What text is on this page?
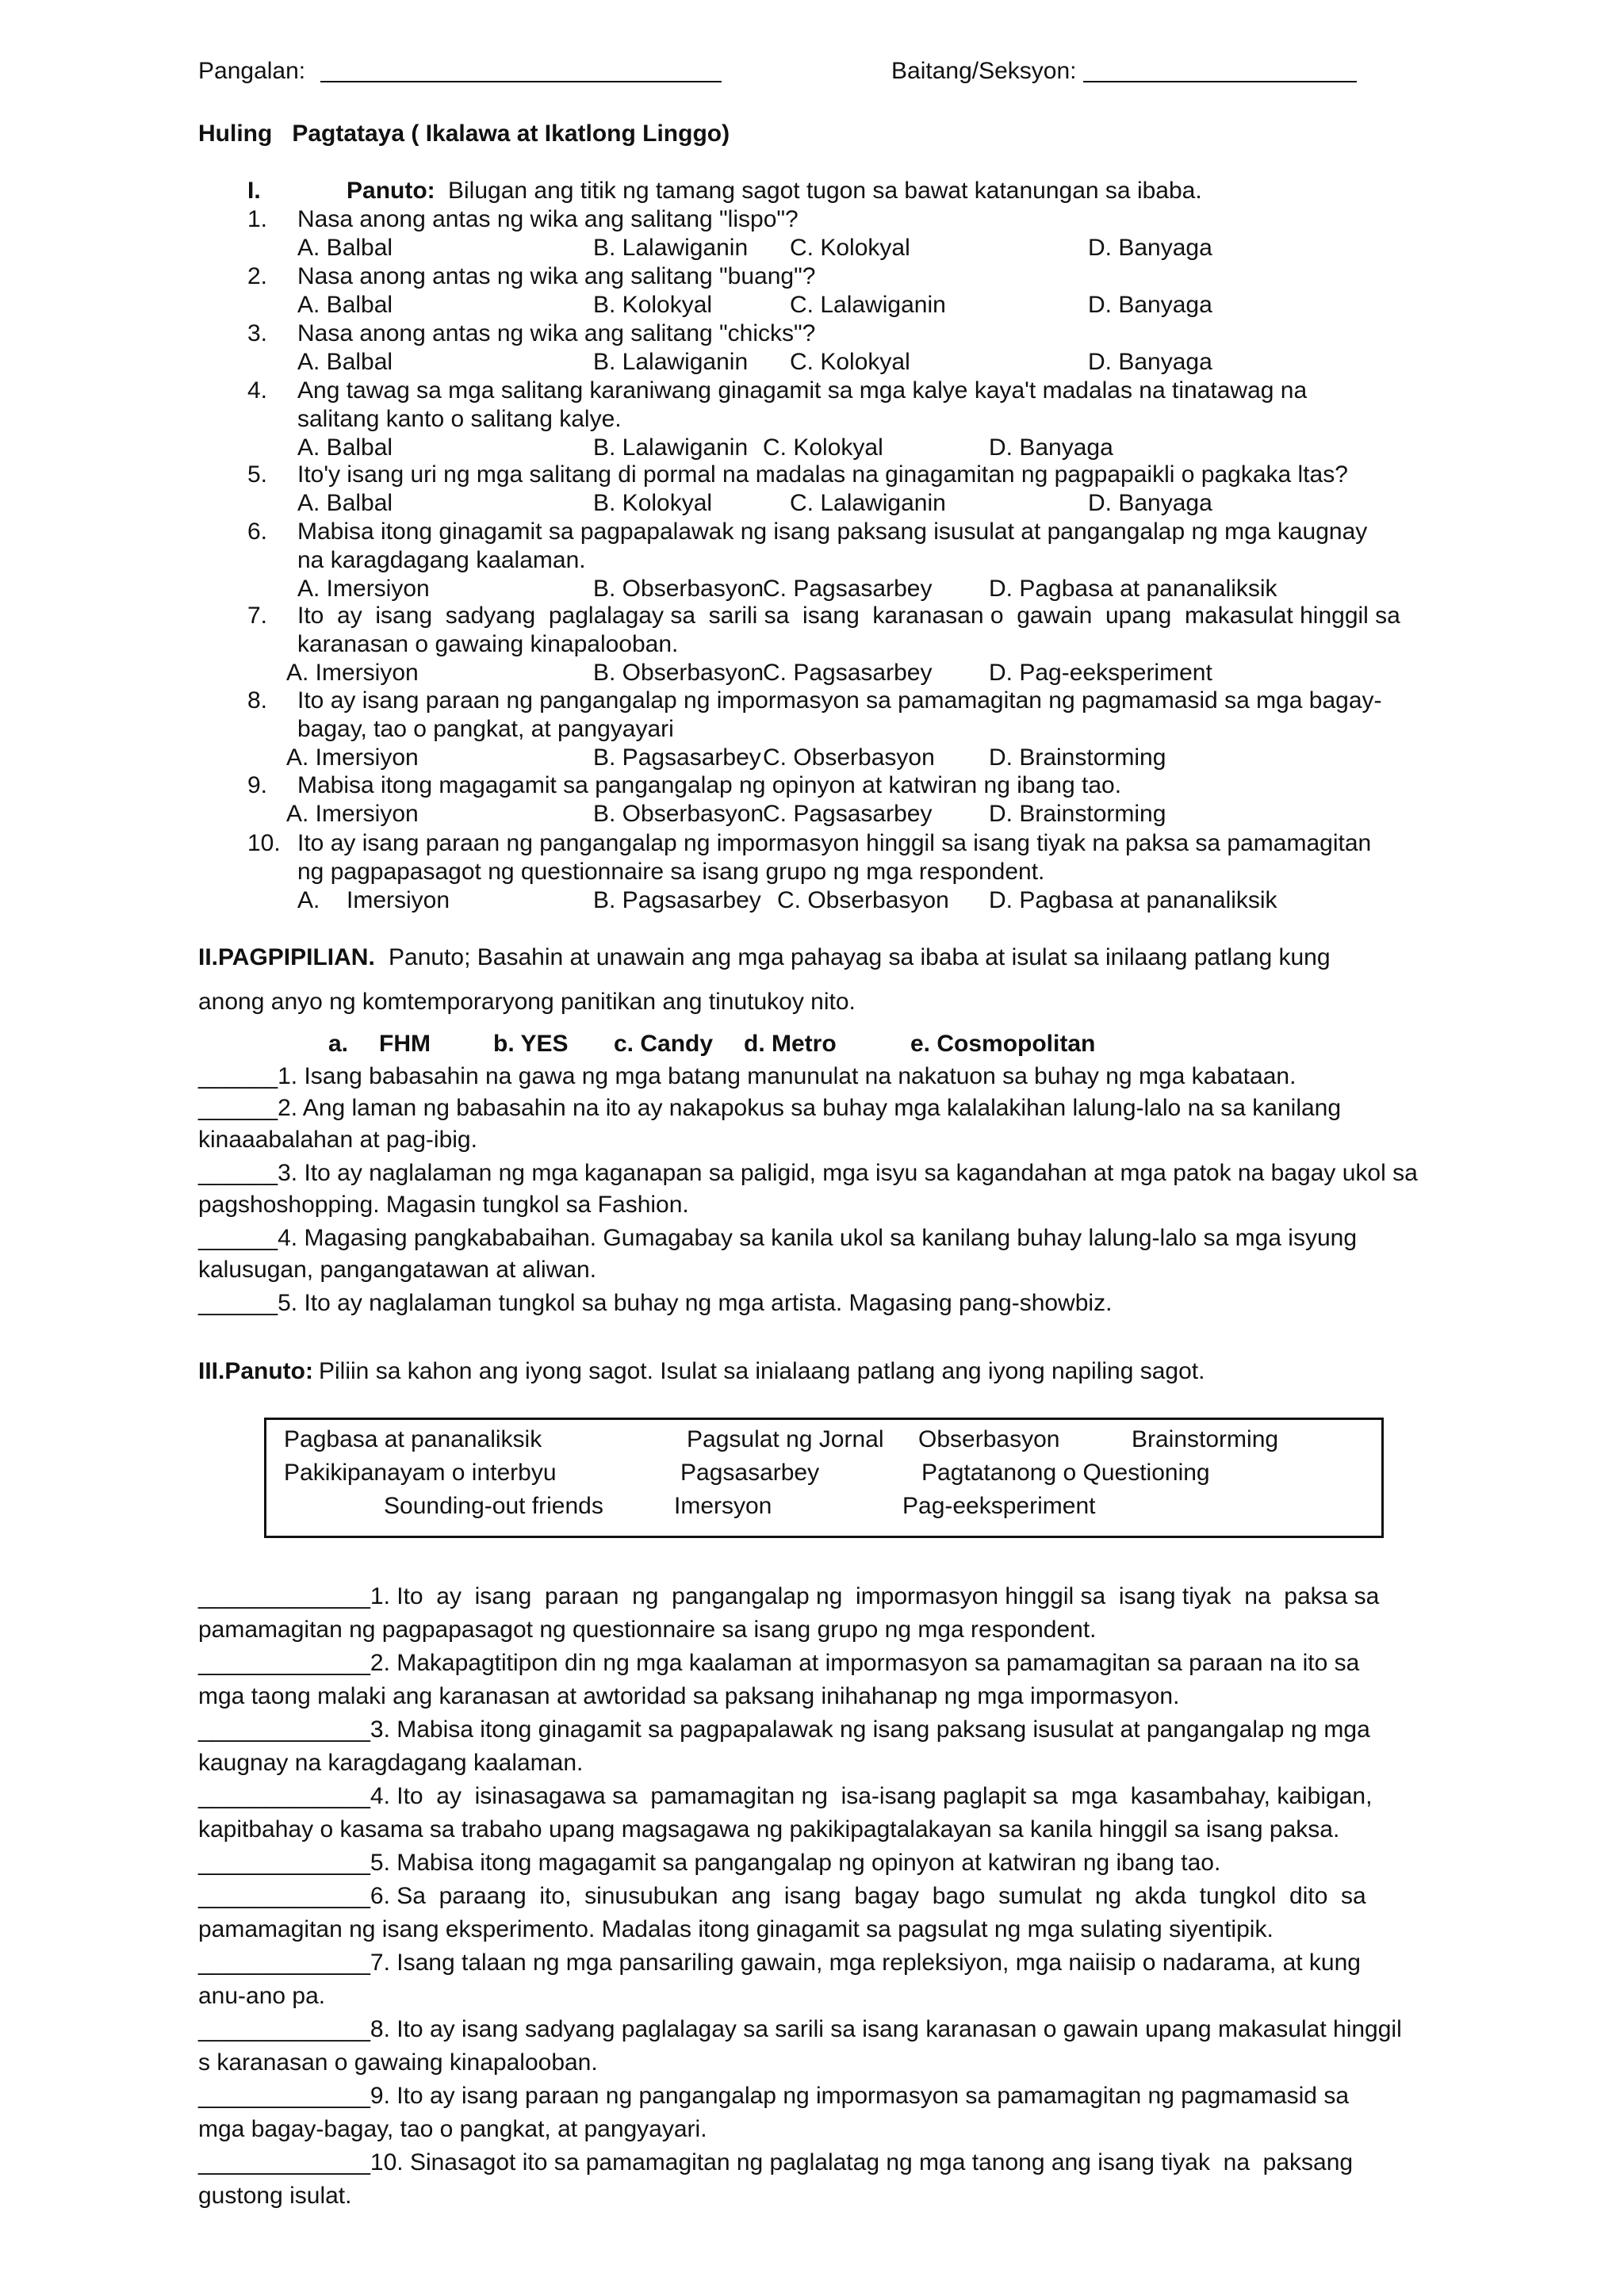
Pangalan:	Baitang/Seksyon:
Huling   Pagtataya ( Ikalawa at Ikatlong Linggo)
I.	Panuto: Bilugan ang titik ng tamang sagot tugon sa bawat katanungan sa ibaba.
1. Nasa anong antas ng wika ang salitang "lispo"?
A. Balbal	B. Lalawiganin C. Kolokyal	D. Banyaga
2. Nasa anong antas ng wika ang salitang "buang"?
A. Balbal	B. Kolokyal	C. Lalawiganin	D. Banyaga
3. Nasa anong antas ng wika ang salitang "chicks"?
A. Balbal	B. Lalawiganin C. Kolokyal	D. Banyaga
4. Ang tawag sa mga salitang karaniwang ginagamit sa mga kalye kaya't madalas na tinatawag na
salitang kanto o salitang kalye.
A. Balbal	B. Lalawiganin C. Kolokyal	D. Banyaga
5. Ito'y isang uri ng mga salitang di pormal na madalas na ginagamitan ng pagpapaikli o pagkaka ltas?
A. Balbal	B. Kolokyal	C. Lalawiganin	D. Banyaga
6. Mabisa itong ginagamit sa pagpapalawak ng isang paksang isusulat at pangangalap ng mga kaugnay
na karagdagang kaalaman.
A. Imersiyon	B. Obserbasyon
C. Pagsasarbey D. Pagbasa at pananaliksik
7. Ito  ay  isang  sadyang  paglalagay sa  sarili sa  isang  karanasan o  gawain  upang  makasulat hinggil sa
karanasan o gawaing kinapalooban.
A. Imersiyon	B. Obserbasyon
C. Pagsasarbey D. Pag-eeksperiment
8. Ito ay isang paraan ng pangangalap ng impormasyon sa pamamagitan ng pagmamasid sa mga bagay-
bagay, tao o pangkat, at pangyayari
A. Imersiyon	B. Pagsasarbey C. Obserbasyon D. Brainstorming
9. Mabisa itong magagamit sa pangangalap ng opinyon at katwiran ng ibang tao.
A. Imersiyon	B. Obserbasyon
C. Pagsasarbey D. Brainstorming
10. Ito ay isang paraan ng pangangalap ng impormasyon hinggil sa isang tiyak na paksa sa pamamagitan
ng pagpapasagot ng questionnaire sa isang grupo ng mga respondent.
A. Imersiyon	B. Pagsasarbey C. Obserbasyon D. Pagbasa at pananaliksik
II.PAGPIPILIAN. Panuto; Basahin at unawain ang mga pahayag sa ibaba at isulat sa inilaang patlang kung
anong anyo ng komtemporaryong panitikan ang tinutukoy nito.
a. FHM	b. YES c. Candy d. Metro	e. Cosmopolitan
______1. Isang babasahin na gawa ng mga batang manunulat na nakatuon sa buhay ng mga kabataan.
______2. Ang laman ng babasahin na ito ay nakapokus sa buhay mga kalalakihan lalung-lalo na sa kanilang
kinaaabalahan at pag-ibig.
______3. Ito ay naglalaman ng mga kaganapan sa paligid, mga isyu sa kagandahan at mga patok na bagay ukol sa
pagshoshopping. Magasin tungkol sa Fashion.
______4. Magasing pangkababaihan. Gumagabay sa kanila ukol sa kanilang buhay lalung-lalo sa mga isyung
kalusugan, pangangatawan at aliwan.
______5. Ito ay naglalaman tungkol sa buhay ng mga artista. Magasing pang-showbiz.
III.Panuto: Piliin sa kahon ang iyong sagot. Isulat sa inialaang patlang ang iyong napiling sagot.
Pagbasa at pananaliksik	Pagsulat ng Jornal Obserbasyon	Brainstorming
Pakikipanayam o interbyu	Pagsasarbey	Pagtatanong o Questioning
Sounding-out friends	Imersyon	Pag-eeksperiment
_____________1. Ito  ay  isang  paraan  ng  pangangalap ng  impormasyon hinggil sa  isang tiyak  na  paksa sa
pamamagitan ng pagpapasagot ng questionnaire sa isang grupo ng mga respondent.
_____________2. Makapagtitipon din ng mga kaalaman at impormasyon sa pamamagitan sa paraan na ito sa
mga taong malaki ang karanasan at awtoridad sa paksang inihahanap ng mga impormasyon.
_____________3. Mabisa itong ginagamit sa pagpapalawak ng isang paksang isusulat at pangangalap ng mga
kaugnay na karagdagang kaalaman.
_____________4. Ito  ay  isinasagawa sa  pamamagitan ng  isa-isang paglapit sa  mga  kasambahay, kaibigan,
kapitbahay o kasama sa trabaho upang magsagawa ng pakikipagtalakayan sa kanila hinggil sa isang paksa.
_____________5. Mabisa itong magagamit sa pangangalap ng opinyon at katwiran ng ibang tao.
_____________6. Sa  paraang  ito,  sinusubukan  ang  isang  bagay  bago  sumulat  ng  akda  tungkol  dito  sa
pamamagitan ng isang eksperimento. Madalas itong ginagamit sa pagsulat ng mga sulating siyentipik.
_____________7. Isang talaan ng mga pansariling gawain, mga repleksiyon, mga naiisip o nadarama, at kung
anu-ano pa.
_____________8. Ito ay isang sadyang paglalagay sa sarili sa isang karanasan o gawain upang makasulat hinggil
s karanasan o gawaing kinapalooban.
_____________9. Ito ay isang paraan ng pangangalap ng impormasyon sa pamamagitan ng pagmamasid sa
mga bagay-bagay, tao o pangkat, at pangyayari.
_____________10. Sinasagot ito sa pamamagitan ng paglalatag ng mga tanong ang isang tiyak  na  paksang
gustong isulat.
